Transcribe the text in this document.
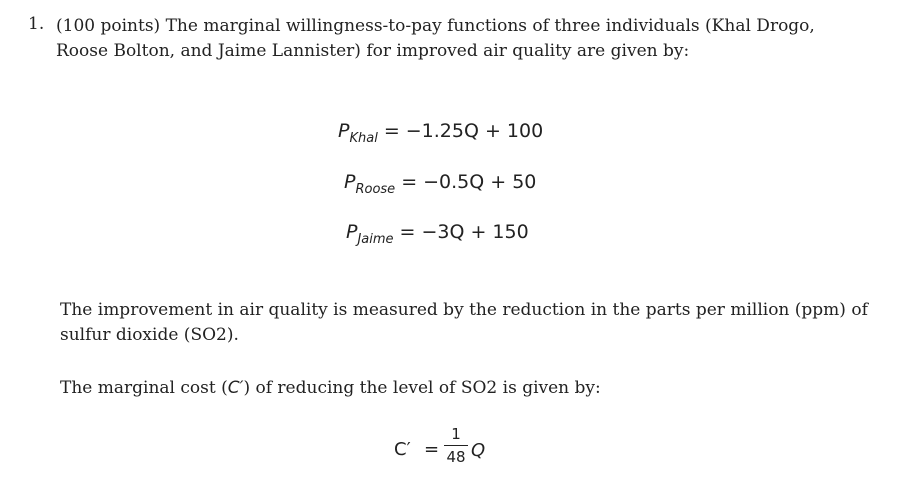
1. (100 points) The marginal willingness-to-pay functions of three individuals (Khal Drogo, Roose Bolton, and Jaime Lannister) for improved air quality are given by:
$P_{Khal} = -1.25Q + 100$
$P_{Roose} = -0.5Q + 50$
$P_{Jaime} = -3Q + 150$
The improvement in air quality is measured by the reduction in the parts per million (ppm) of sulfur dioxide (SO2).
The marginal cost (C′) of reducing the level of SO2 is given by:
C′ =
1
48 Q
